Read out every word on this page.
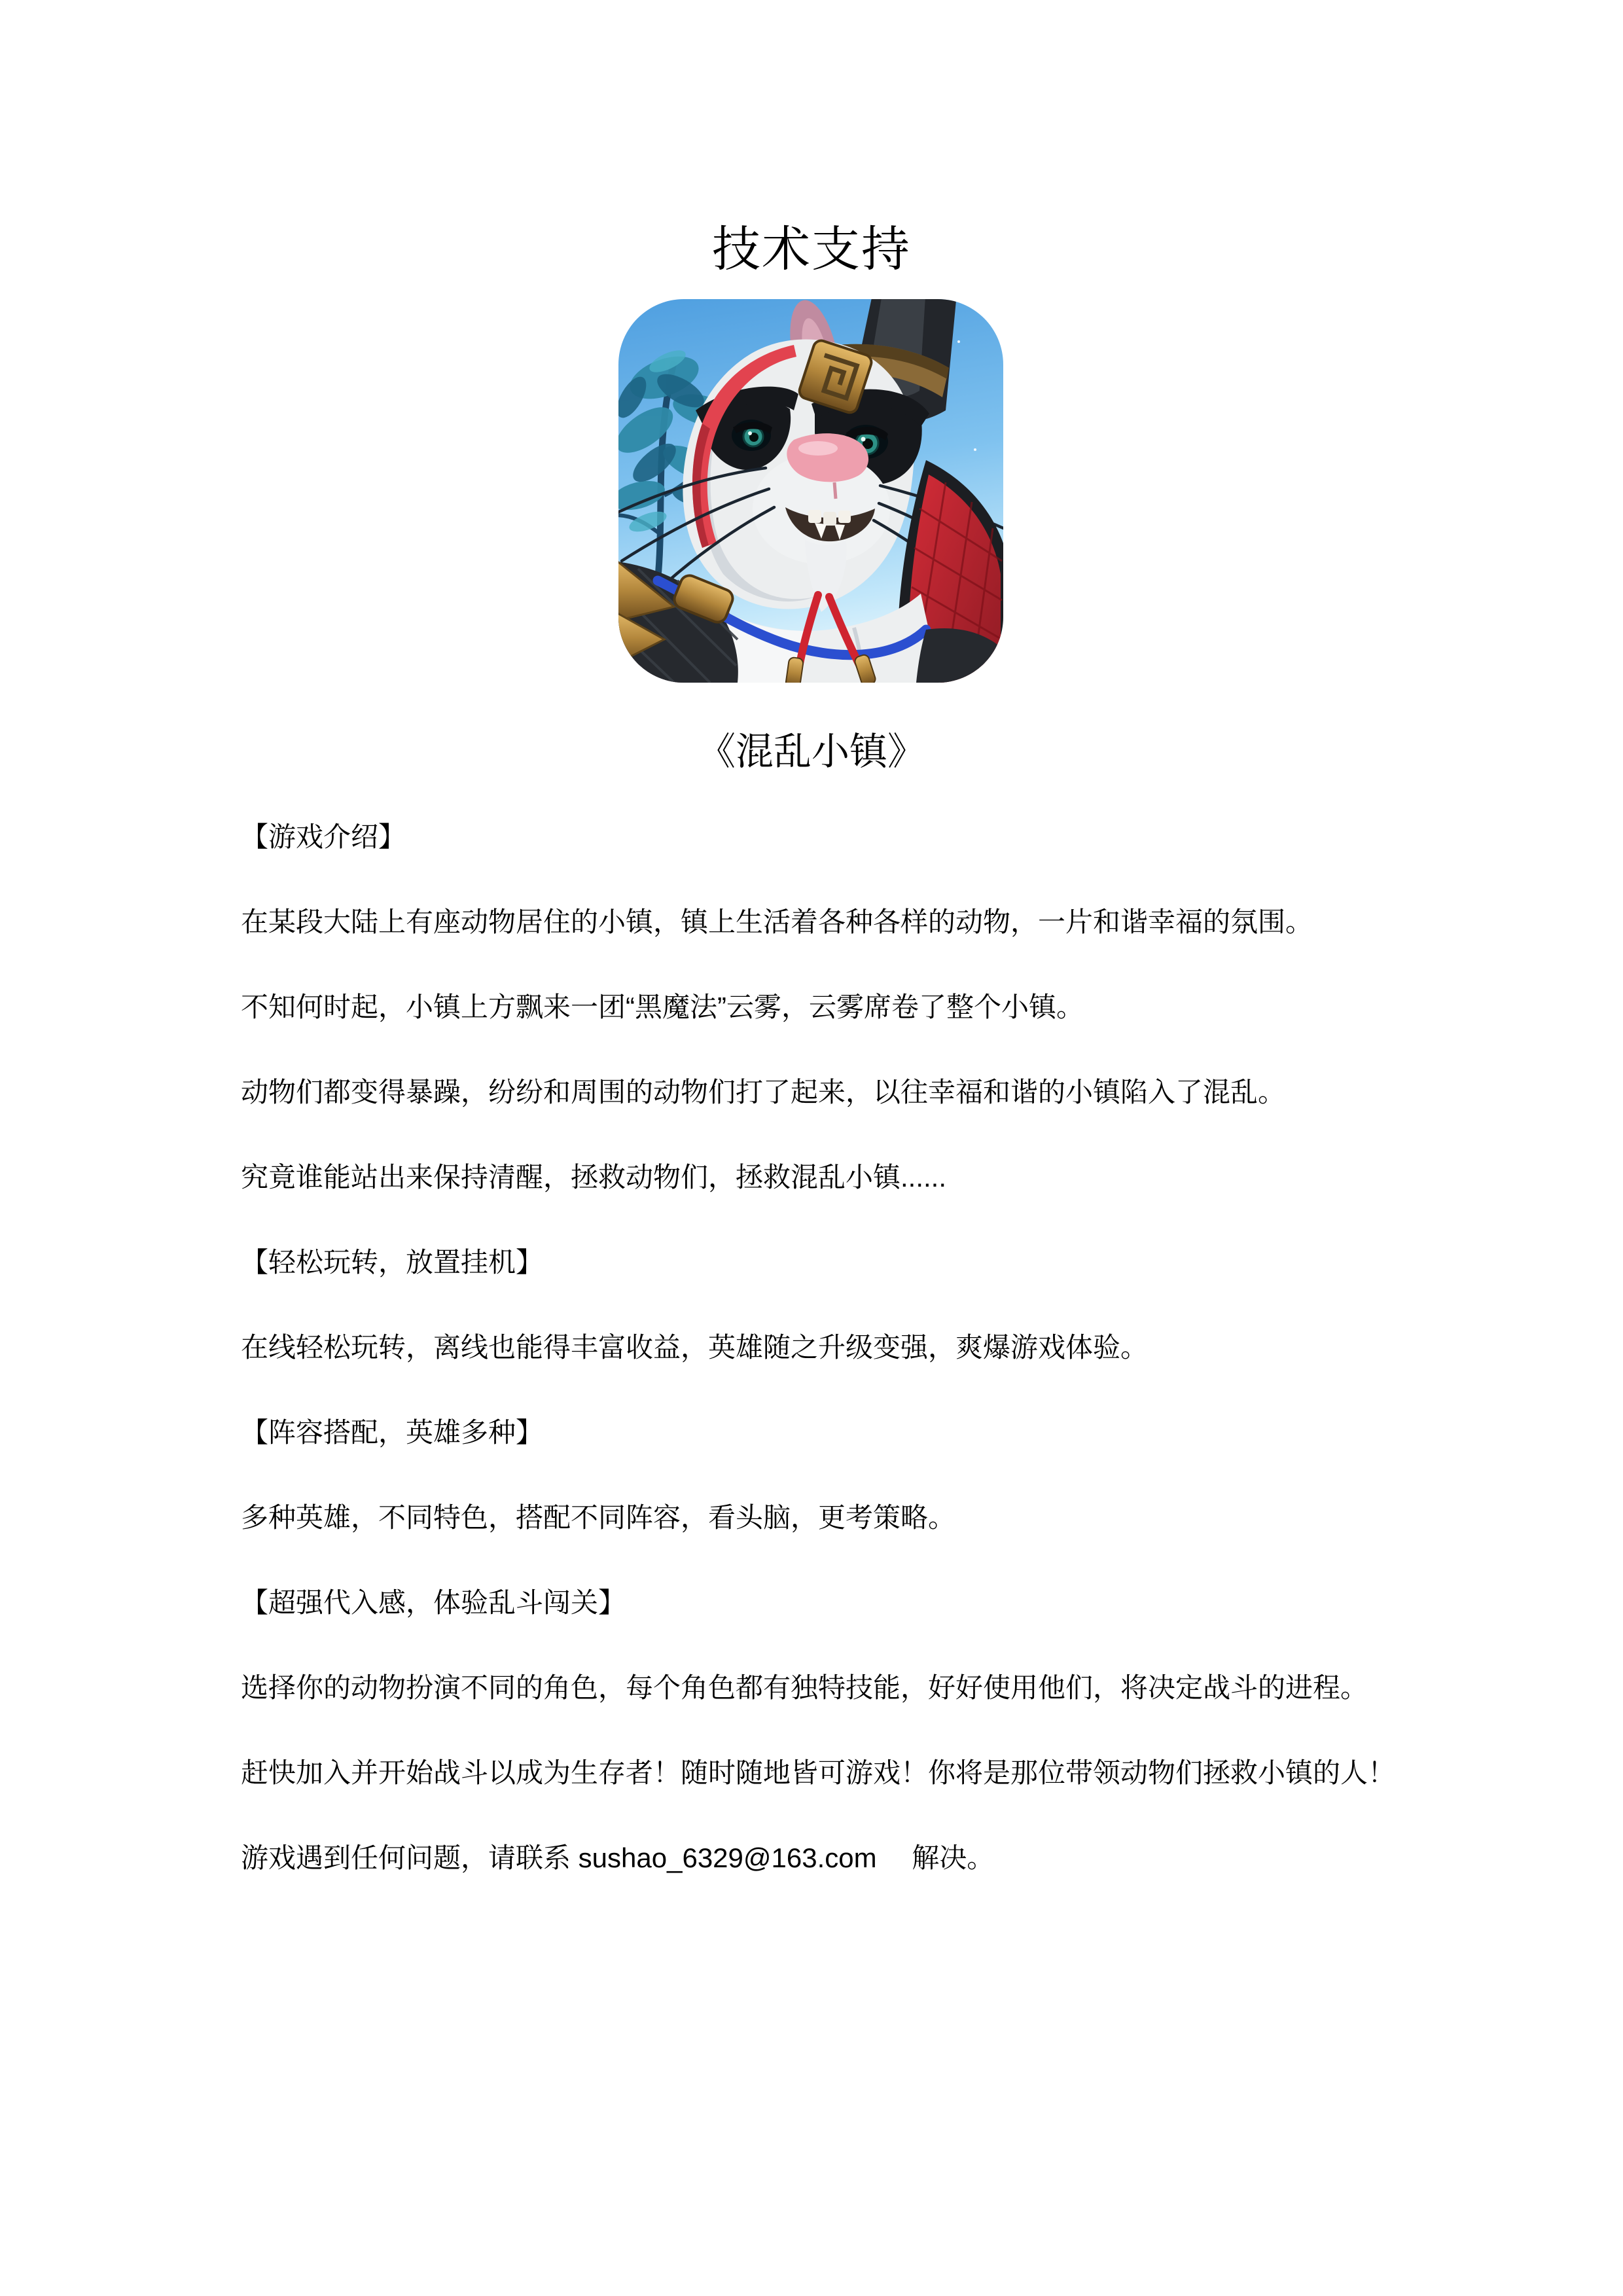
技术支持
《混乱小镇》

【游戏介绍】

在某段大陆上有座动物居住的小镇，镇上生活着各种各样的动物，一片和谐幸福的氛围。

不知何时起，小镇上方飘来一团“黑魔法”云雾，云雾席卷了整个小镇。

动物们都变得暴躁，纷纷和周围的动物们打了起来，以往幸福和谐的小镇陷入了混乱。

究竟谁能站出来保持清醒，拯救动物们，拯救混乱小镇......

【轻松玩转，放置挂机】

在线轻松玩转，离线也能得丰富收益，英雄随之升级变强，爽爆游戏体验。

【阵容搭配，英雄多种】

多种英雄，不同特色，搭配不同阵容，看头脑，更考策略。

【超强代入感，体验乱斗闯关】

选择你的动物扮演不同的角色，每个角色都有独特技能，好好使用他们，将决定战斗的进程。

赶快加入并开始战斗以成为生存者！随时随地皆可游戏！你将是那位带领动物们拯救小镇的人！

游戏遇到任何问题，请联系 sushao_6329@163.com　 解决。
